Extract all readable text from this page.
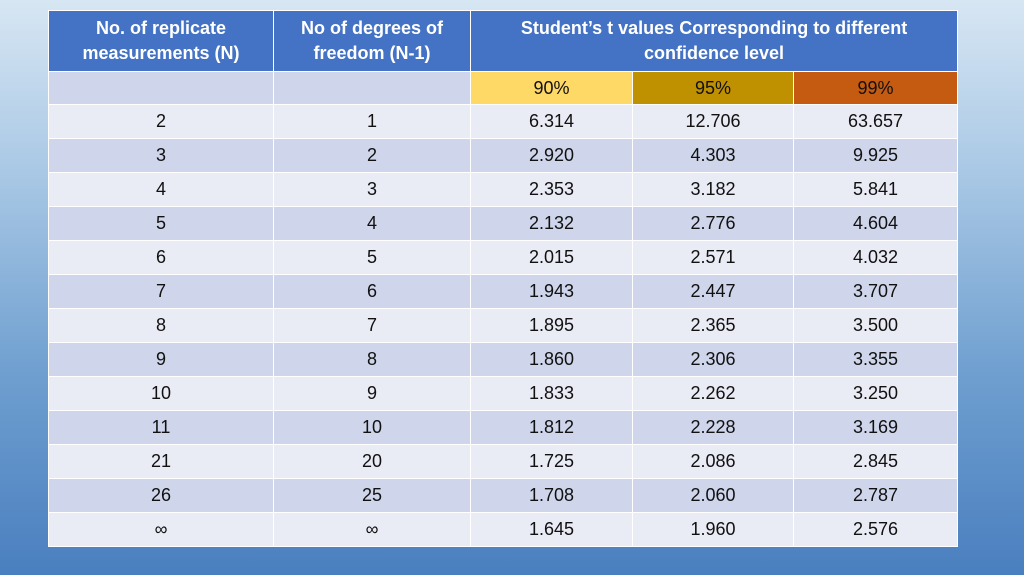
No. of replicate measurements (N)	No of degrees of freedom (N-1)	Student’s t values Corresponding to different confidence level		
		90%	95%	99%
2	1	6.314	12.706	63.657
3	2	2.920	4.303	9.925
4	3	2.353	3.182	5.841
5	4	2.132	2.776	4.604
6	5	2.015	2.571	4.032
7	6	1.943	2.447	3.707
8	7	1.895	2.365	3.500
9	8	1.860	2.306	3.355
10	9	1.833	2.262	3.250
11	10	1.812	2.228	3.169
21	20	1.725	2.086	2.845
26	25	1.708	2.060	2.787
∞	∞	1.645	1.960	2.576
